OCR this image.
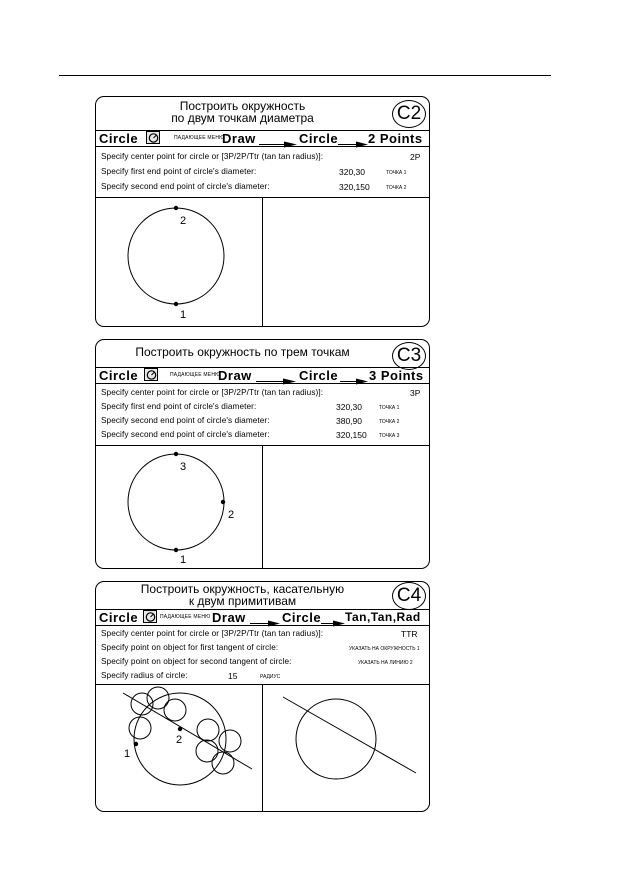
Построить окружность
по двум точкам диаметра	C2
Circle	ПАДАЮЩЕЕ МЕНЮ
Draw	Circle 2 Points
Specify center point for circle or [3P/2P/Ttr (tan tan radius)]:	2P
Specify first end point of circle's diameter:	320,30	ТОЧКА 1
Specify second end point of circle's diameter:	320,150	ТОЧКА 2
2
1
Построить окружность по трем точкам	C3
Circle	ПАДАЮЩЕЕ МЕНЮ
Draw	Circle 3 Points
Specify center point for circle or [3P/2P/Ttr (tan tan radius)]:	3P
Specify first end point of circle's diameter:	320,30	ТОЧКА 1
Specify second end point of circle's diameter:	380,90	ТОЧКА 2
Specify second end point of circle's diameter:	320,150 ТОЧКА 3
3
2
1
Построить окружность, касательную
к двум примитивам	C4
Circle	ПАДАЮЩЕЕ МЕНЮ Draw	Circle Tan,Tan,Rad
Specify center point for circle or [3P/2P/Ttr (tan tan radius)]:	TTR
Specify point on object for first tangent of circle:	УКАЗАТЬ НА ОКРУЖНОСТЬ 1
Specify point on object for second tangent of circle:	УКАЗАТЬ НА ЛИНИЮ 2
Specify radius of circle:	15	РАДИУС
2
1
